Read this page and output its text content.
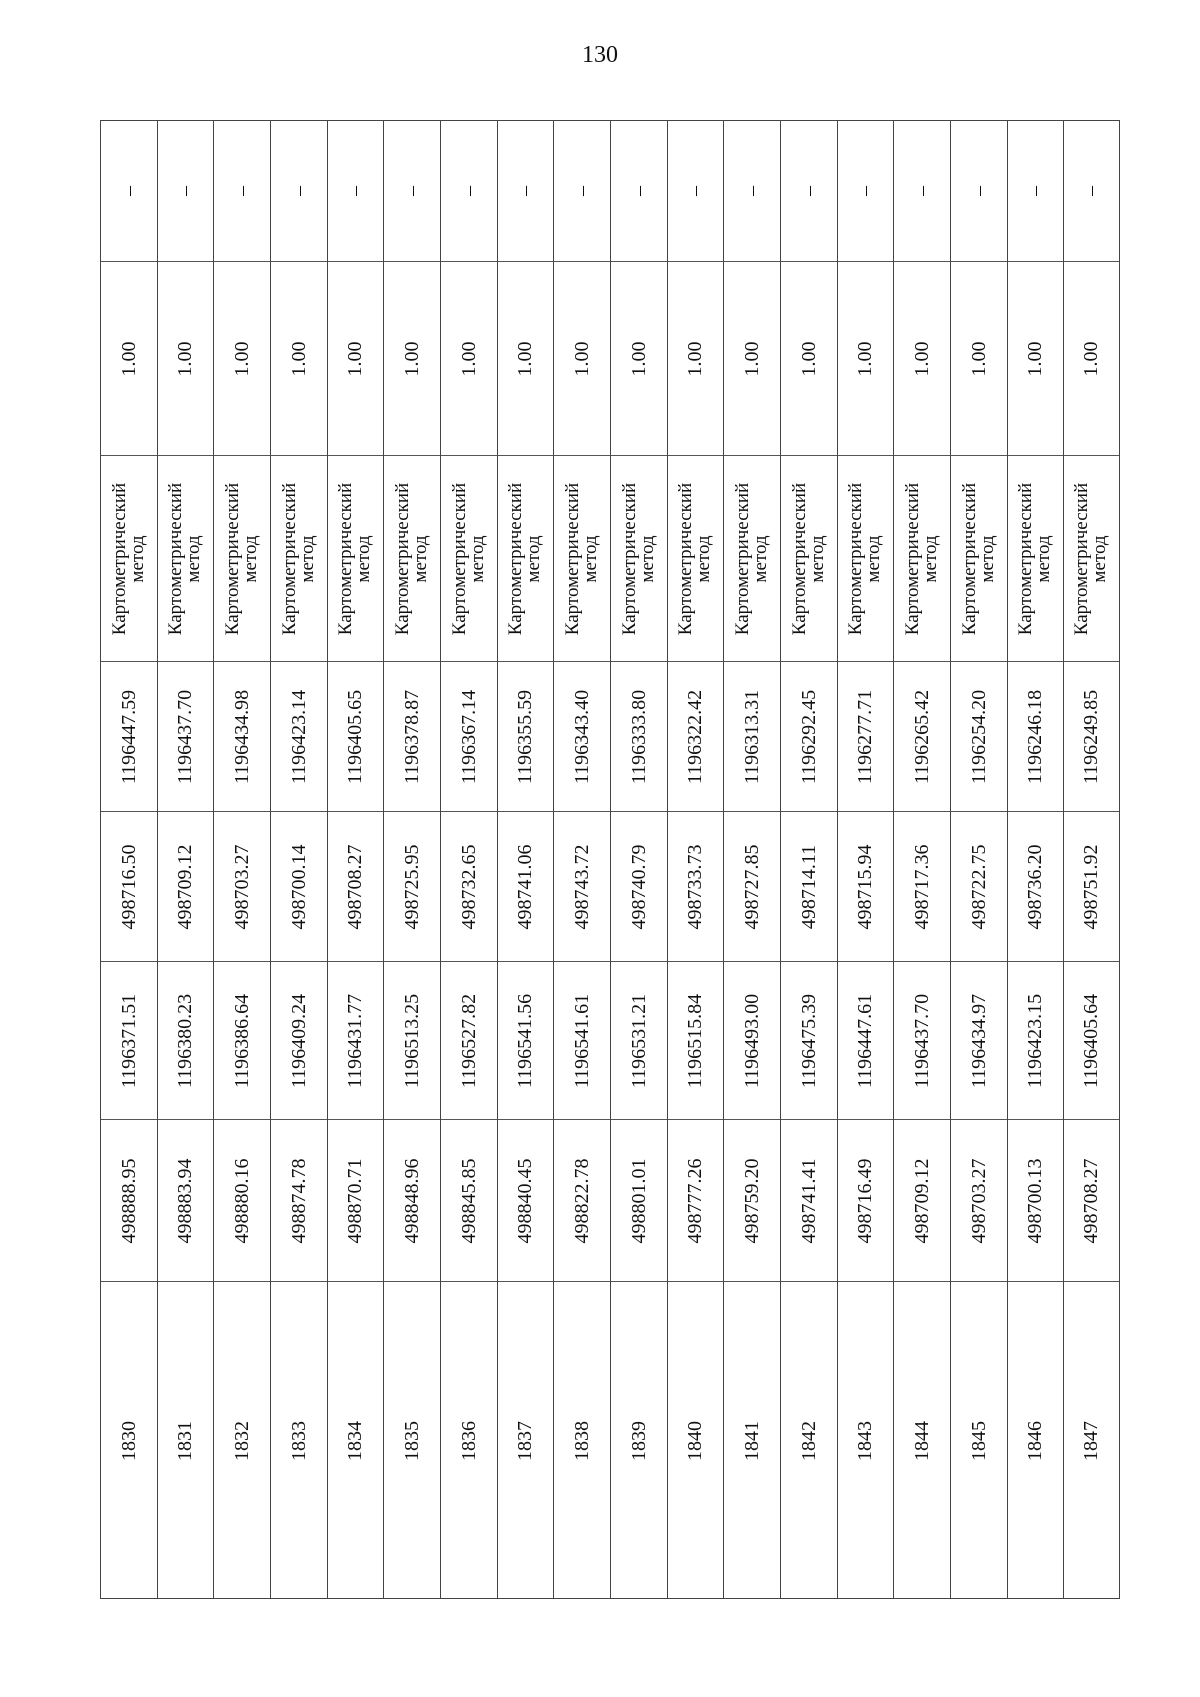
130
–
1.00
Картометрический
метод
1196447.59
498716.50
1196371.51
498888.95
1830
–
1.00
Картометрический
метод
1196437.70
498709.12
1196380.23
498883.94
1831
–
1.00
Картометрический
метод
1196434.98
498703.27
1196386.64
498880.16
1832
–
1.00
Картометрический
метод
1196423.14
498700.14
1196409.24
498874.78
1833
–
1.00
Картометрический
метод
1196405.65
498708.27
1196431.77
498870.71
1834
–
1.00
Картометрический
метод
1196378.87
498725.95
1196513.25
498848.96
1835
–
1.00
Картометрический
метод
1196367.14
498732.65
1196527.82
498845.85
1836
–
1.00
Картометрический
метод
1196355.59
498741.06
1196541.56
498840.45
1837
–
1.00
Картометрический
метод
1196343.40
498743.72
1196541.61
498822.78
1838
–
1.00
Картометрический
метод
1196333.80
498740.79
1196531.21
498801.01
1839
–
1.00
Картометрический
метод
1196322.42
498733.73
1196515.84
498777.26
1840
–
1.00
Картометрический
метод
1196313.31
498727.85
1196493.00
498759.20
1841
–
1.00
Картометрический
метод
1196292.45
498714.11
1196475.39
498741.41
1842
–
1.00
Картометрический
метод
1196277.71
498715.94
1196447.61
498716.49
1843
–
1.00
Картометрический
метод
1196265.42
498717.36
1196437.70
498709.12
1844
–
1.00
Картометрический
метод
1196254.20
498722.75
1196434.97
498703.27
1845
–
1.00
Картометрический
метод
1196246.18
498736.20
1196423.15
498700.13
1846
–
1.00
Картометрический
метод
1196249.85
498751.92
1196405.64
498708.27
1847
